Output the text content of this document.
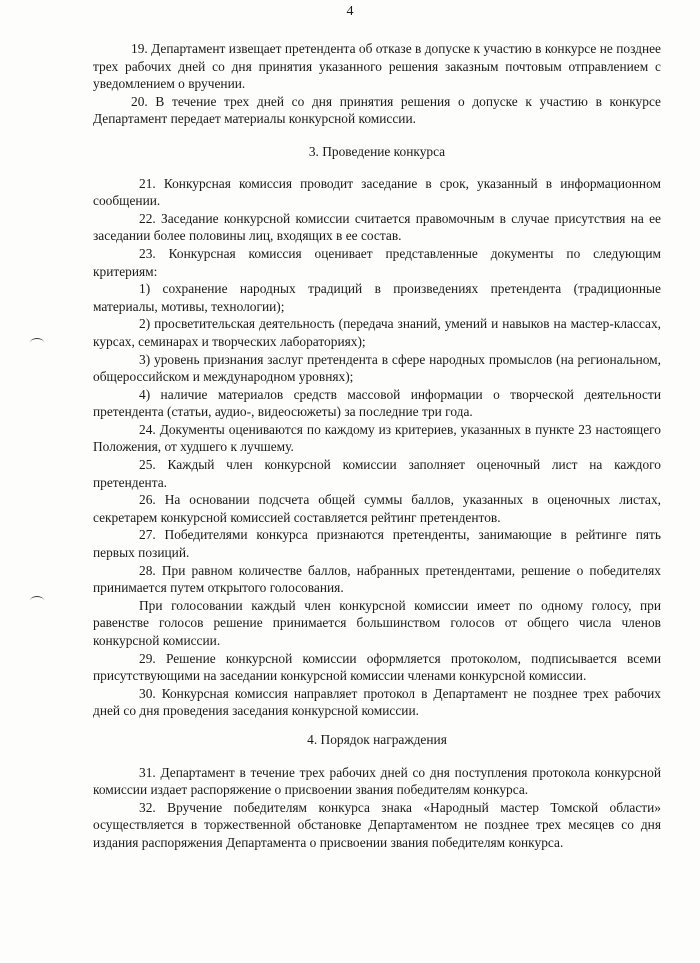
4

19. Департамент извещает претендента об отказе в допуске к участию в конкурсе не позднее трех рабочих дней со дня принятия указанного решения заказным почтовым отправлением с уведомлением о вручении.

20. В течение трех дней со дня принятия решения о допуске к участию в конкурсе Департамент передает материалы конкурсной комиссии.

3. Проведение конкурса

21. Конкурсная комиссия проводит заседание в срок, указанный в информационном сообщении.

22. Заседание конкурсной комиссии считается правомочным в случае присутствия на ее заседании более половины лиц, входящих в ее состав.

23. Конкурсная комиссия оценивает представленные документы по следующим критериям:

1) сохранение народных традиций в произведениях претендента (традиционные материалы, мотивы, технологии);

2) просветительская деятельность (передача знаний, умений и навыков на мастер-классах, курсах, семинарах и творческих лабораториях);

3) уровень признания заслуг претендента в сфере народных промыслов (на региональном, общероссийском и международном уровнях);

4) наличие материалов средств массовой информации о творческой деятельности претендента (статьи, аудио-, видеосюжеты) за последние три года.

24. Документы оцениваются по каждому из критериев, указанных в пункте 23 настоящего Положения, от худшего к лучшему.

25. Каждый член конкурсной комиссии заполняет оценочный лист на каждого претендента.

26. На основании подсчета общей суммы баллов, указанных в оценочных листах, секретарем конкурсной комиссией составляется рейтинг претендентов.

27. Победителями конкурса признаются претенденты, занимающие в рейтинге пять первых позиций.

28. При равном количестве баллов, набранных претендентами, решение о победителях принимается путем открытого голосования.

При голосовании каждый член конкурсной комиссии имеет по одному голосу, при равенстве голосов решение принимается большинством голосов от общего числа членов конкурсной комиссии.

29. Решение конкурсной комиссии оформляется протоколом, подписывается всеми присутствующими на заседании конкурсной комиссии членами конкурсной комиссии.

30. Конкурсная комиссия направляет протокол в Департамент не позднее трех рабочих дней со дня проведения заседания конкурсной комиссии.

4. Порядок награждения

31. Департамент в течение трех рабочих дней со дня поступления протокола конкурсной комиссии издает распоряжение о присвоении звания победителям конкурса.

32. Вручение победителям конкурса знака «Народный мастер Томской области» осуществляется в торжественной обстановке Департаментом не позднее трех месяцев со дня издания распоряжения Департамента о присвоении звания победителям конкурса.
